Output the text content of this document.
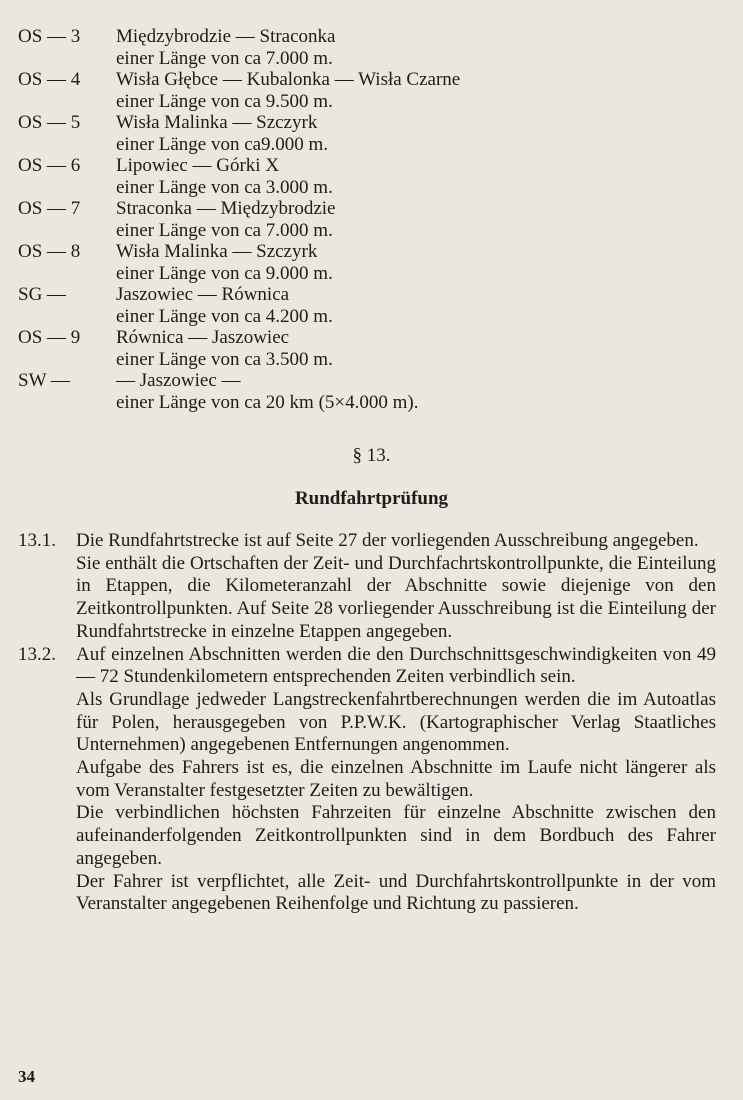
OS — 3	Międzybrodzie — Straconka
einer Länge von ca 7.000 m.
OS — 4	Wisła Głębce — Kubalonka — Wisła Czarne
einer Länge von ca 9.500 m.
OS — 5	Wisła Malinka — Szczyrk
einer Länge von ca9.000 m.
OS — 6	Lipowiec — Górki X
einer Länge von ca 3.000 m.
OS — 7	Straconka — Międzybrodzie
einer Länge von ca 7.000 m.
OS — 8	Wisła Malinka — Szczyrk
einer Länge von ca 9.000 m.
SG —	Jaszowiec — Równica
einer Länge von ca 4.200 m.
OS — 9	Równica — Jaszowiec
einer Länge von ca 3.500 m.
SW —	— Jaszowiec —
einer Länge von ca 20 km (5×4.000 m).
§ 13.
Rundfahrtprüfung
13.1.	Die Rundfahrtstrecke ist auf Seite 27 der vorliegenden Ausschreibung angegeben.

Sie enthält die Ortschaften der Zeit- und Durchfachrtskontrollpunkte, die Einteilung in Etappen, die Kilometeranzahl der Abschnitte sowie diejenige von den Zeitkontrollpunkten. Auf Seite 28 vorliegender Ausschreibung ist die Einteilung der Rundfahrtstrecke in einzelne Etappen angegeben.

13.2.	Auf einzelnen Abschnitten werden die den Durchschnittsgeschwindigkeiten von 49 — 72 Stundenkilometern entsprechenden Zeiten verbindlich sein.

Als Grundlage jedweder Langstreckenfahrtberechnungen werden die im Autoatlas für Polen, herausgegeben von P.P.W.K. (Kartographischer Verlag Staatliches Unternehmen) angegebenen Entfernungen angenommen.

Aufgabe des Fahrers ist es, die einzelnen Abschnitte im Laufe nicht längerer als vom Veranstalter festgesetzter Zeiten zu bewältigen.

Die verbindlichen höchsten Fahrzeiten für einzelne Abschnitte zwischen den aufeinanderfolgenden Zeitkontrollpunkten sind in dem Bordbuch des Fahrer angegeben.

Der Fahrer ist verpflichtet, alle Zeit- und Durchfahrtskontrollpunkte in der vom Veranstalter angegebenen Reihenfolge und Richtung zu passieren.

34
